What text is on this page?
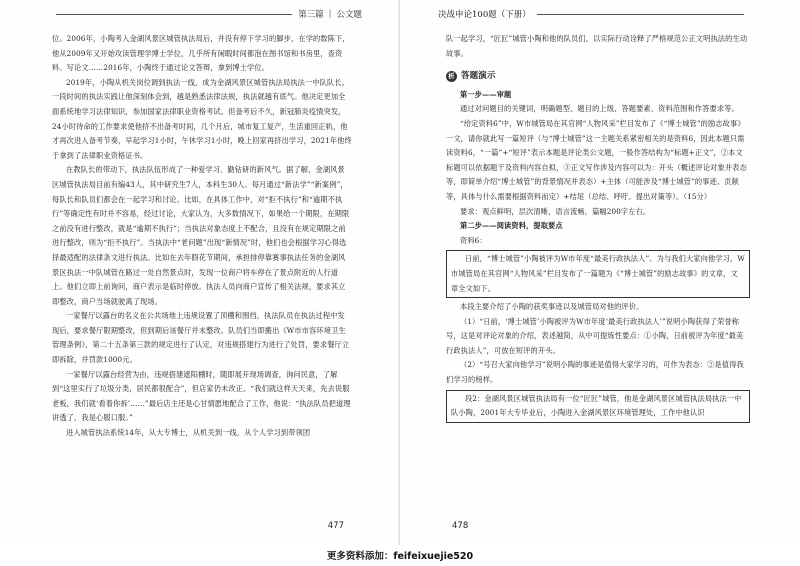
第三篇 | 公文题

位。2006年，小陶考入金湖风景区城管执法局后，并没有停下学习的脚步，在学的数陈下，他从2009年又开始攻读管理学博士学位，几乎所有闲暇时间都泡在图书馆和书房里，查资料、写论文……2016年，小陶终于通过论文答辩，拿到博士学位。

2019年，小陶从机关岗位调到执法一线，成为金湖风景区城管执法局执法一中队队长。一段时间的执法实践让他深刻体会到，越是熟悉法律法规，执法就越有底气。他决定更加全面系统地学习法律知识，参加国家法律职业资格考试。但备考后不久，新冠肺炎疫情突发，24小时待命的工作要求使他挤不出备考时间，几个月后，城市复工复产，生活重回正轨，他才再次进入备考节奏，早起学习1小时，午休学习1小时，晚上回家再挤出学习，2021年他终于拿到了法律职业资格证书。

在教队长的带动下，执法队伍形成了一种爱学习、勤钻研的新风气。据了解，金湖风景区城管执法局目前有编43人，其中研究生7人，本科生30人。每月通过“新法学”“新案例”，每队长和队员们都会在一起学习和讨论。比如，在具体工作中，对“拒不执行”和“逾期不执行”等确定性有时并不容易，经过讨论，大家认为，大多数情况下，如果给一个期限，在期限之前没有进行整改，就是“逾期不执行”；当执法对象态度上不配合，且没有在规定期限之前进行整改，则为“拒不执行”。当执法中“老问题”出现“新情况”时，他们也会根据学习心得选择最适配的法律条文进行执法。比如在去年假花节期间，承担排停靠赛事执法任务的金湖风景区执法一中队城管在路过一处自然景点时，发现一位商户将车停在了景点附近的人行道上。他们立即上前询问，商户表示是临时停放。执法人员向商户宣传了相关法规，要求其立即整改，商户当场就驶离了现场。

一家餐厅以露台的名义在公共场地上违规设置了顶棚和围挡，执法队员在执法过程中发现后，要求餐厅限期整改，但到期后该餐厅并未整改。队员们当即搬出《W市市容环境卫生管理条例》，第二十五条第三款的规定进行了认定，对违规搭建行为进行了处罚，要求餐厅立即拆除，并罚款1000元。

一家餐厅以露台经营为由，违规搭建遮阳棚时，随即展开现场调查，询问民意，了解到“这里实行了垃圾分类，居民都很配合”，但店家仍未改正。“我们就这样天天来，先去说服老板，我们就‘看着你拆’……”最后店主还是心甘情愿地配合了工作，他说：“执法队员把道理讲透了，我是心服口服。”

进入城管执法系统14年，从大专博士，从机关到一线，从个人学习到带领团

477
决战申论100题（下册）

队一起学习，“匠匠”城管小陶和他的队员们，以实际行动诠释了严格规范公正文明执法的生动故事。

析 答题演示

第一步——审题

通过对问题目的关键词，明确题型、题目的上级、答题要素、资料范围和作答要求等。

“给定资料6”中，W市城管局在其官网“人物风采”栏目发布了《“博士城管”的励志故事》一文，请你就此写一篇短评（与“博士城管”这一主题关系紧密相关的是资料6，因此本题只需读资料6，“一篇”+“短评”表示本题是评论类公文题，一般作答结构为“标题+正文”，②本文标题可以依据题干及资料内容自拟，③正文写作涉及内容可以为：开头（概述评论对象并表态等，即简单介绍“博士城管”的背景情况并表态）+主体（可能涉及“博士城管”的事迹、贡献等，具体与什么需要根据资料而定）+结尾（总结、呼吁、提出对策等）。（15分）

要求：观点鲜明，层次清晰，语言流畅，篇幅200字左右。

第二步——阅读资料，提取要点

资料6：

日前，“博士城管”小陶被评为W市年度“最美行政执法人”。为与我们大家向他学习，W市城管局在其官网“人物风采”栏目发布了一篇题为《“博士城管”的励志故事》的文章，文章全文如下。

本段主要介绍了小陶的获奖事迹以及城管局对他的评价。

（1）“日前，‘博士城管’小陶被评为W市年度‘最美行政执法人’”说明小陶获得了荣誉称号，这是对评论对象的介绍，表述越简，从中可提炼性要点：①小陶，日前被评为年度“最美行政执法人”，可放在短评的开头。

（2）“号召大家向他学习”说明小陶的事迹是值得大家学习的，可作为表态：②是值得我们学习的榜样。

段2：金湖风景区城管执法局有一位“匠匠”城管，他是金湖风景区城管执法局执法一中队小陶，2001年大专毕业后，小陶进入金湖风景区环境管理处，工作中他认识

478
更多资料添加：feifeixuejie520
